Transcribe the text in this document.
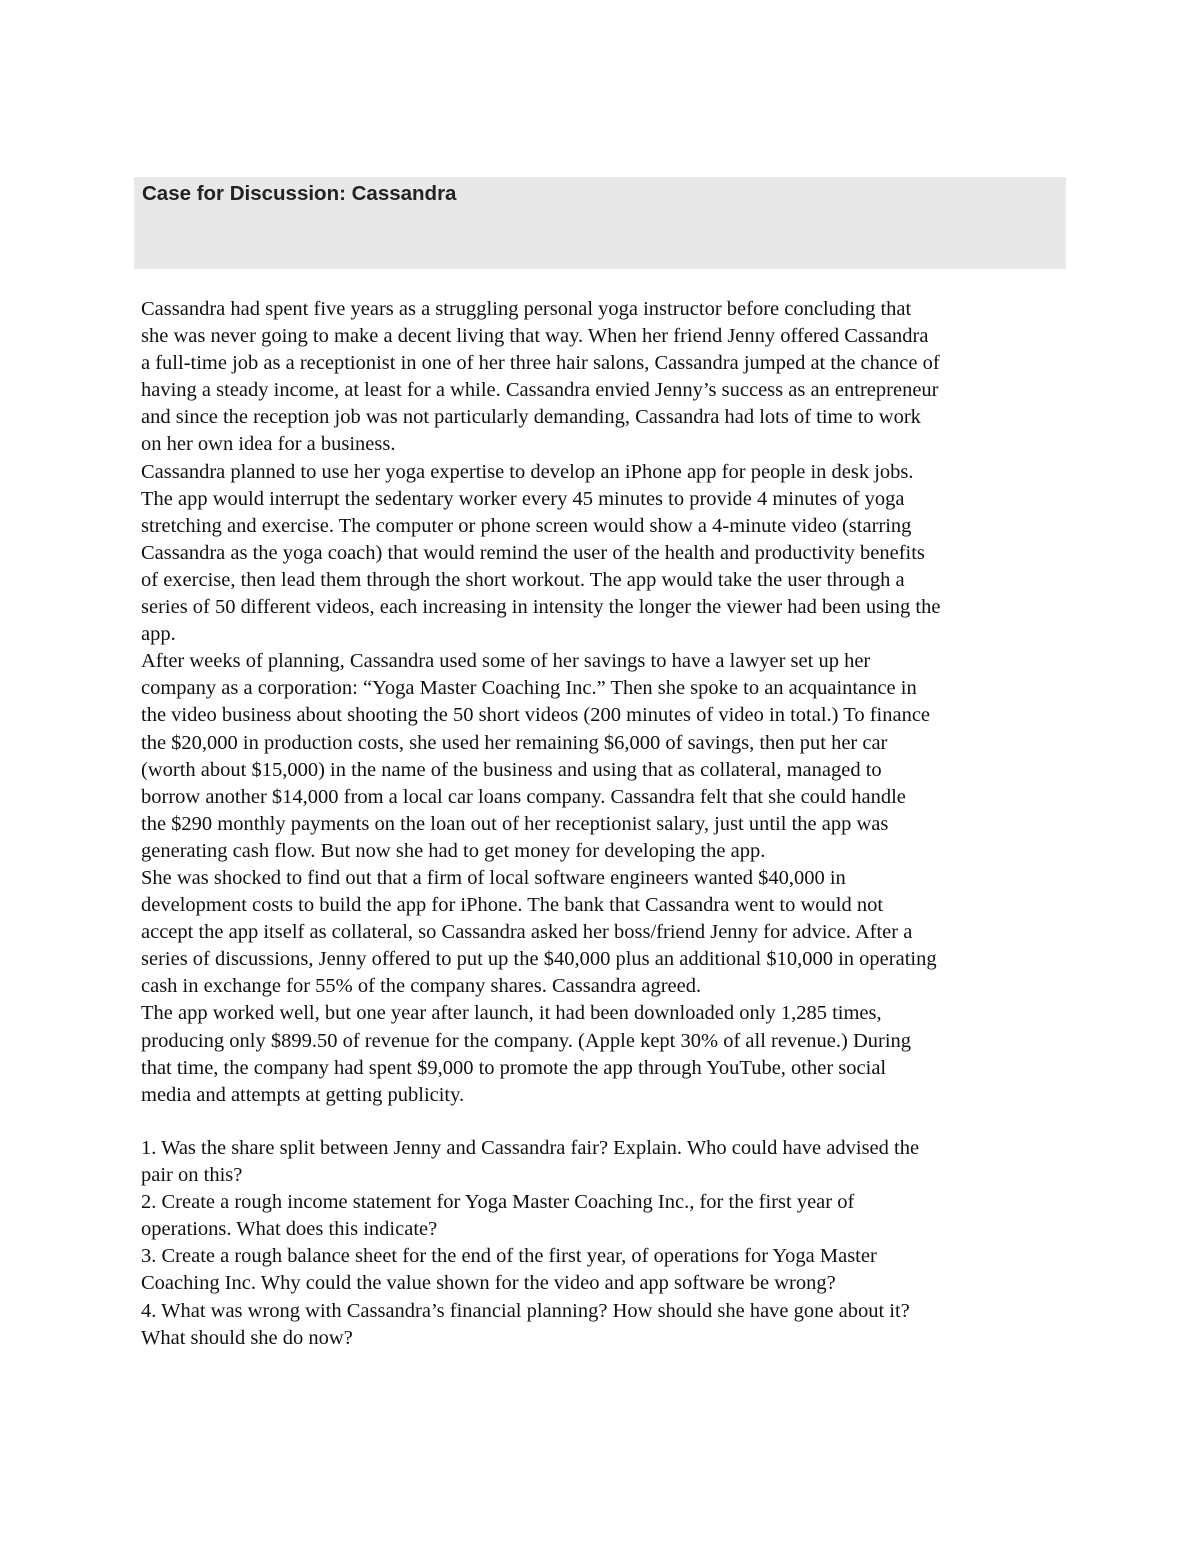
Case for Discussion: Cassandra

Cassandra had spent five years as a struggling personal yoga instructor before concluding that

she was never going to make a decent living that way. When her friend Jenny offered Cassandra

a full-time job as a receptionist in one of her three hair salons, Cassandra jumped at the chance of

having a steady income, at least for a while. Cassandra envied Jenny’s success as an entrepreneur

and since the reception job was not particularly demanding, Cassandra had lots of time to work

on her own idea for a business.

Cassandra planned to use her yoga expertise to develop an iPhone app for people in desk jobs.

The app would interrupt the sedentary worker every 45 minutes to provide 4 minutes of yoga

stretching and exercise. The computer or phone screen would show a 4-minute video (starring

Cassandra as the yoga coach) that would remind the user of the health and productivity benefits

of exercise, then lead them through the short workout. The app would take the user through a

series of 50 different videos, each increasing in intensity the longer the viewer had been using the

app.

After weeks of planning, Cassandra used some of her savings to have a lawyer set up her

company as a corporation: “Yoga Master Coaching Inc.” Then she spoke to an acquaintance in

the video business about shooting the 50 short videos (200 minutes of video in total.) To finance

the $20,000 in production costs, she used her remaining $6,000 of savings, then put her car

(worth about $15,000) in the name of the business and using that as collateral, managed to

borrow another $14,000 from a local car loans company. Cassandra felt that she could handle

the $290 monthly payments on the loan out of her receptionist salary, just until the app was

generating cash flow. But now she had to get money for developing the app.

She was shocked to find out that a firm of local software engineers wanted $40,000 in

development costs to build the app for iPhone. The bank that Cassandra went to would not

accept the app itself as collateral, so Cassandra asked her boss/friend Jenny for advice. After a

series of discussions, Jenny offered to put up the $40,000 plus an additional $10,000 in operating

cash in exchange for 55% of the company shares. Cassandra agreed.

The app worked well, but one year after launch, it had been downloaded only 1,285 times,

producing only $899.50 of revenue for the company. (Apple kept 30% of all revenue.) During

that time, the company had spent $9,000 to promote the app through YouTube, other social

media and attempts at getting publicity.

1. Was the share split between Jenny and Cassandra fair? Explain. Who could have advised the

pair on this?

2. Create a rough income statement for Yoga Master Coaching Inc., for the first year of

operations. What does this indicate?

3. Create a rough balance sheet for the end of the first year, of operations for Yoga Master

Coaching Inc. Why could the value shown for the video and app software be wrong?

4. What was wrong with Cassandra’s financial planning? How should she have gone about it?

What should she do now?
